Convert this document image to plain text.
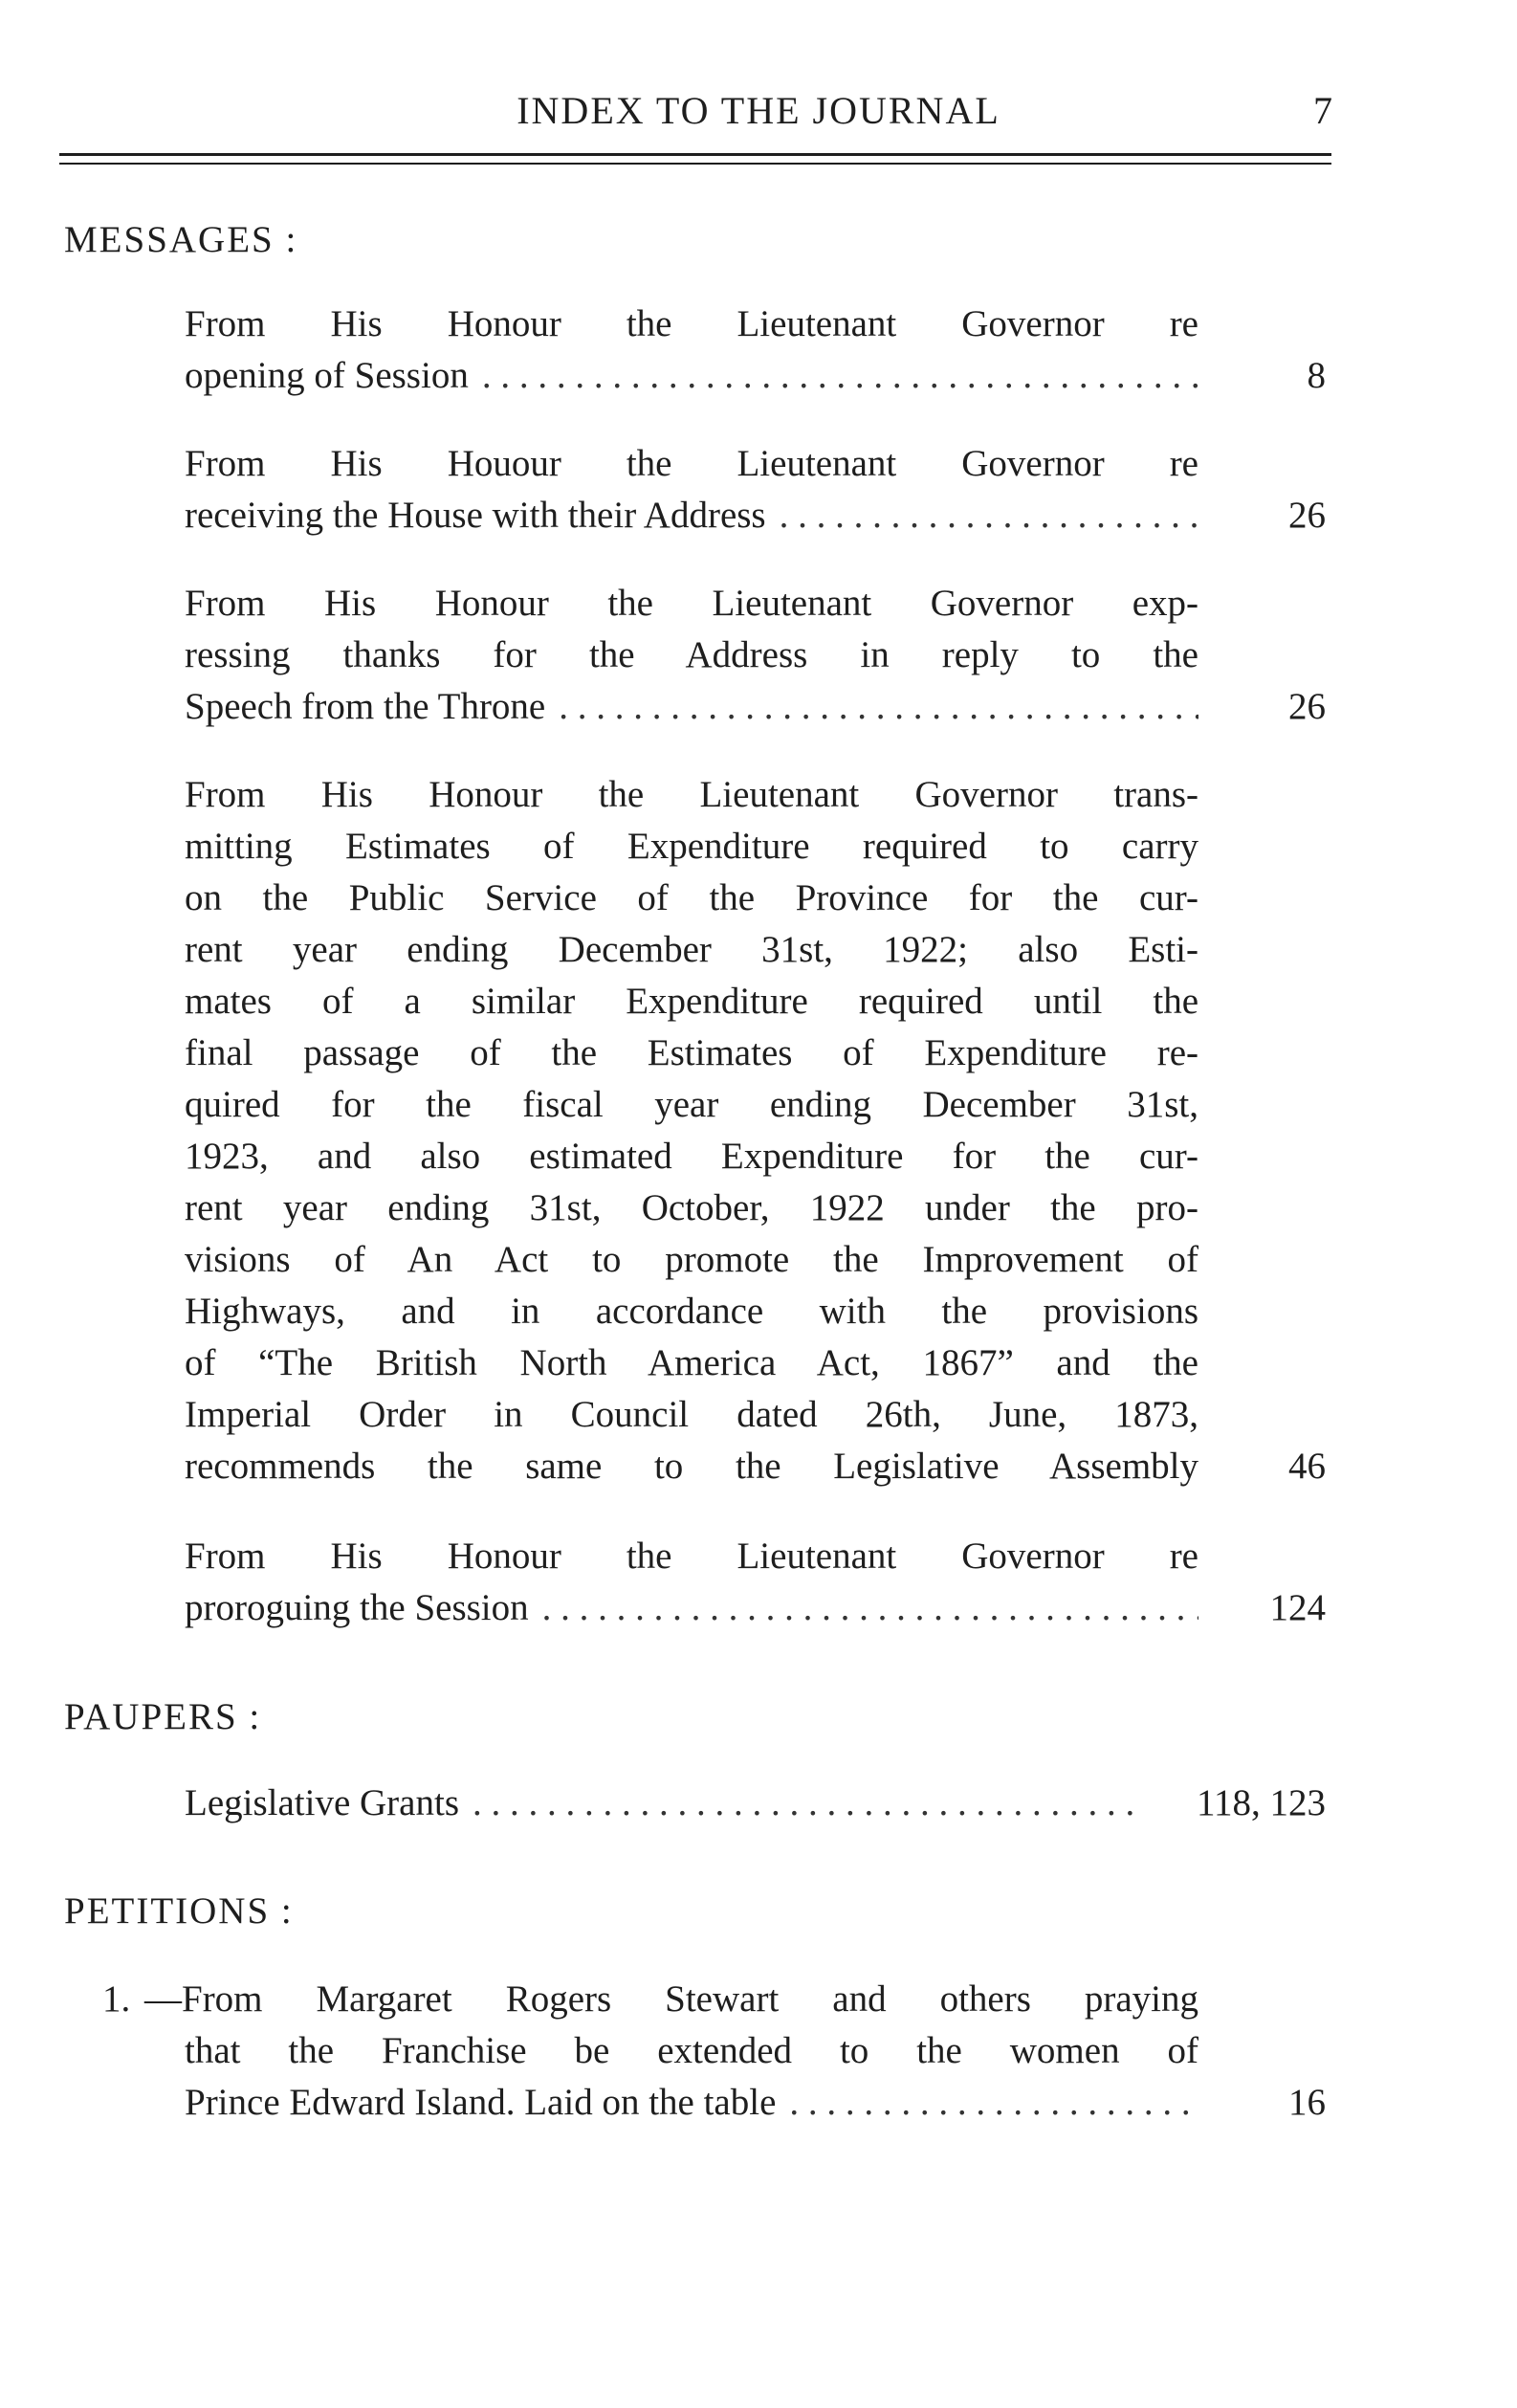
INDEX TO THE JOURNAL	7
MESSAGES :
From His Honour the Lieutenant Governor re
opening of Session . . .	8
From His Houour the Lieutenant Governor re
receiving the House with their Address . . .	26
From His Honour the Lieutenant Governor exp-
ressing thanks for the Address in reply to the
Speech from the Throne . . .	26
From His Honour the Lieutenant Governor trans-
mitting Estimates of Expenditure required to carry
on the Public Service of the Province for the cur-
rent year ending December 31st, 1922; also Esti-
mates of a similar Expenditure required until the
final passage of the Estimates of Expenditure re-
quired for the fiscal year ending December 31st,
1923, and also estimated Expenditure for the cur-
rent year ending 31st, October, 1922 under the pro-
visions of An Act to promote the Improvement of
Highways, and in accordance with the provisions
of “The British North America Act, 1867” and the
Imperial Order in Council dated 26th, June, 1873,
recommends the same to the Legislative Assembly 46
From His Honour the Lieutenant Governor re
proroguing the Session . . .	124
PAUPERS :
Legislative Grants . . .	118, 123
PETITIONS :
1. —From Margaret Rogers Stewart and others praying
that the Franchise be extended to the women of
Prince Edward Island. Laid on the table . . .	16
